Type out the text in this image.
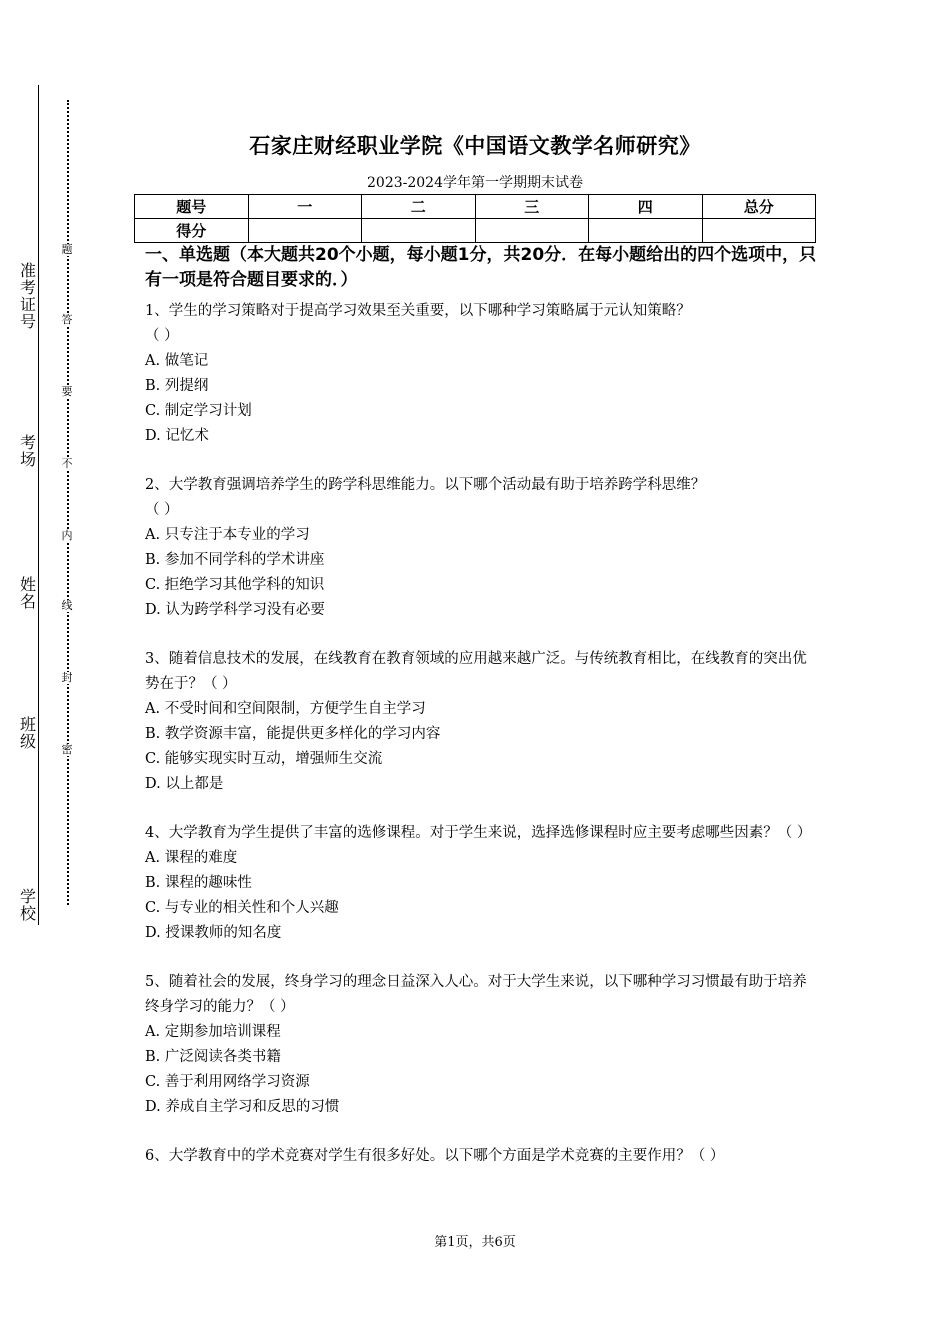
准
考
证
号
考
场
姓
名
班
级
学
校
题
答
要
不
内
线
封
密
石家庄财经职业学院《中国语文教学名师研究》
2023-2024学年第一学期期末试卷
题号	一	二	三	四	总分
得分					

一、单选题（本大题共20个小题，每小题1分，共20分．在每小题给出的四个选项中，只有一项是符合题目要求的．）

1、学生的学习策略对于提高学习效果至关重要，以下哪种学习策略属于元认知策略？

（ ）

A. 做笔记

B. 列提纲

C. 制定学习计划

D. 记忆术

2、大学教育强调培养学生的跨学科思维能力。以下哪个活动最有助于培养跨学科思维？

（ ）

A. 只专注于本专业的学习

B. 参加不同学科的学术讲座

C. 拒绝学习其他学科的知识

D. 认为跨学科学习没有必要

3、随着信息技术的发展，在线教育在教育领域的应用越来越广泛。与传统教育相比，在线教育的突出优势在于？（ ）

A. 不受时间和空间限制，方便学生自主学习

B. 教学资源丰富，能提供更多样化的学习内容

C. 能够实现实时互动，增强师生交流

D. 以上都是

4、大学教育为学生提供了丰富的选修课程。对于学生来说，选择选修课程时应主要考虑哪些因素？（ ）

A. 课程的难度

B. 课程的趣味性

C. 与专业的相关性和个人兴趣

D. 授课教师的知名度

5、随着社会的发展，终身学习的理念日益深入人心。对于大学生来说，以下哪种学习习惯最有助于培养终身学习的能力？（ ）

A. 定期参加培训课程

B. 广泛阅读各类书籍

C. 善于利用网络学习资源

D. 养成自主学习和反思的习惯

6、大学教育中的学术竞赛对学生有很多好处。以下哪个方面是学术竞赛的主要作用？（ ）

第1页，共6页
